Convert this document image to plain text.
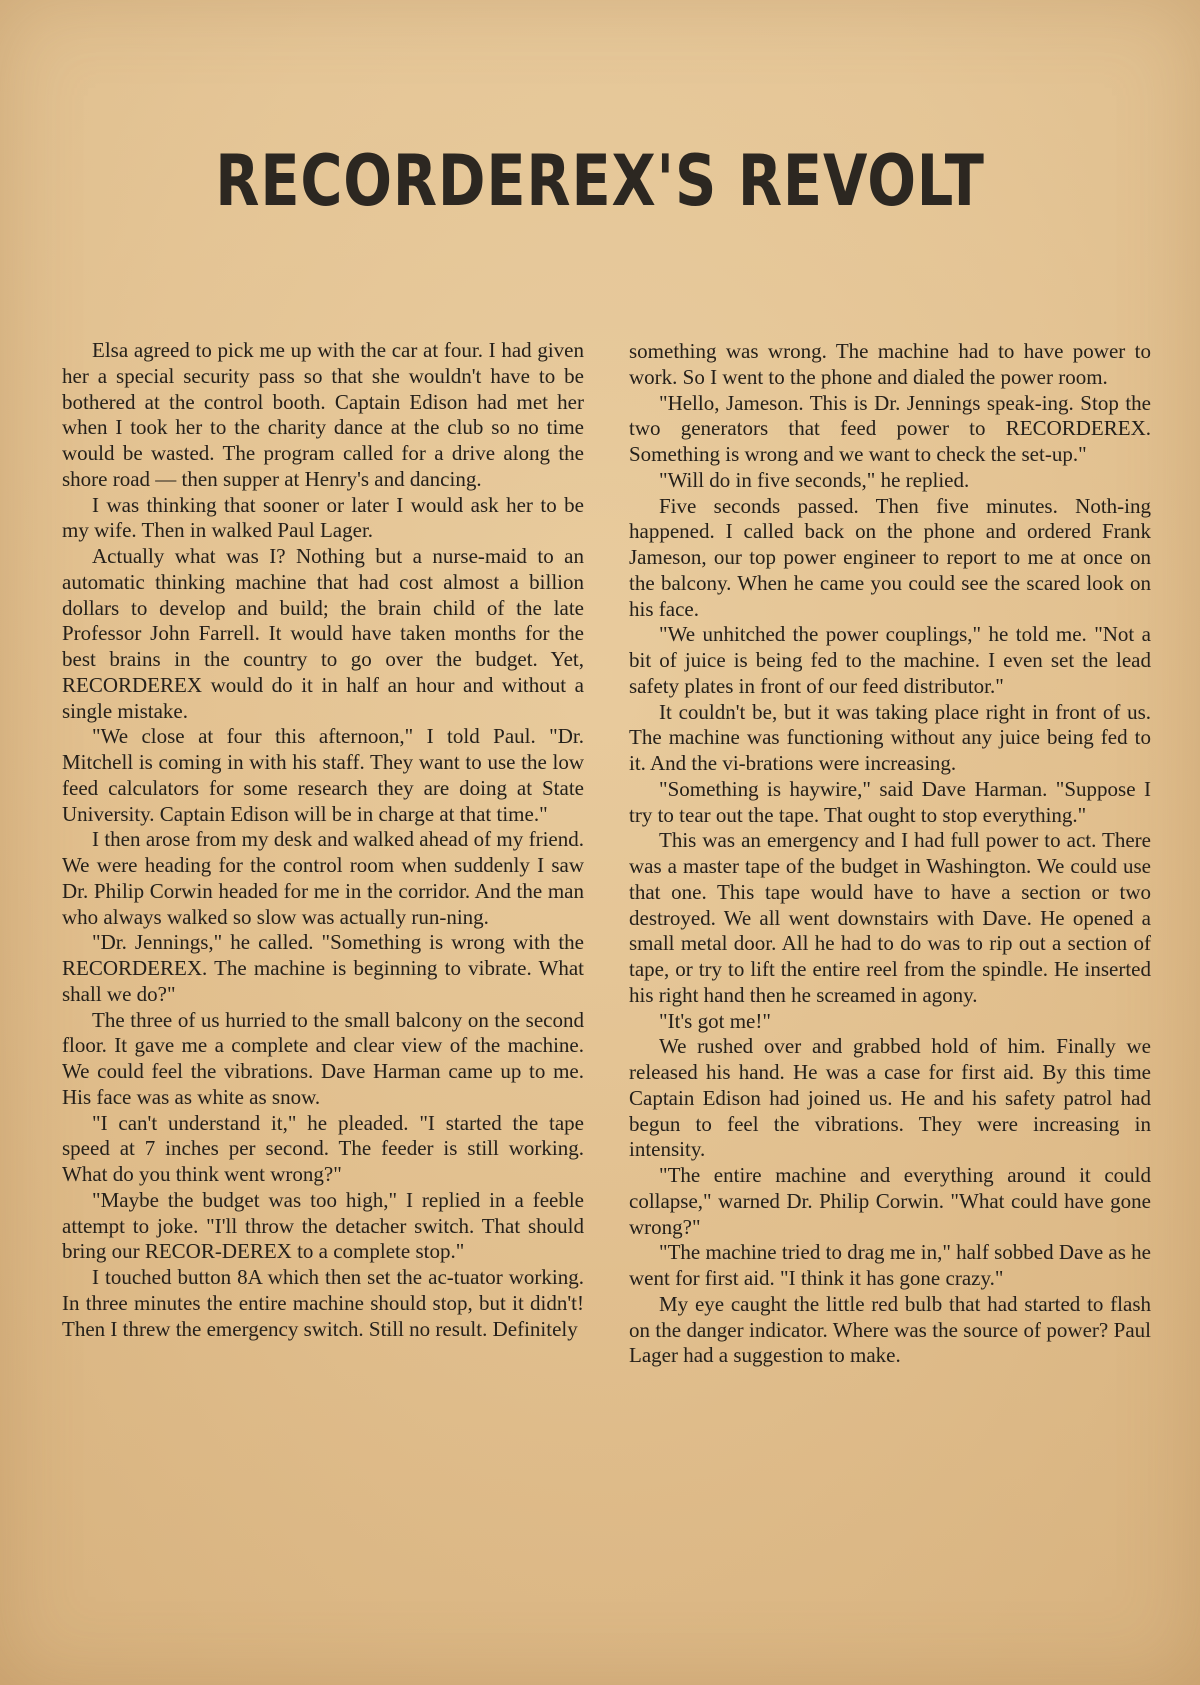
RECORDEREX'S REVOLT

Elsa agreed to pick me up with the car at four. I had given her a special security pass so that she wouldn't have to be bothered at the control booth. Captain Edison had met her when I took her to the charity dance at the club so no time would be wasted. The program called for a drive along the shore road — then supper at Henry's and dancing.

I was thinking that sooner or later I would ask her to be my wife. Then in walked Paul Lager.

Actually what was I? Nothing but a nurse-maid to an automatic thinking machine that had cost almost a billion dollars to develop and build; the brain child of the late Professor John Farrell. It would have taken months for the best brains in the country to go over the budget. Yet, RECORDEREX would do it in half an hour and without a single mistake.

"We close at four this afternoon," I told Paul. "Dr. Mitchell is coming in with his staff. They want to use the low feed calculators for some research they are doing at State University. Captain Edison will be in charge at that time."

I then arose from my desk and walked ahead of my friend. We were heading for the control room when suddenly I saw Dr. Philip Corwin headed for me in the corridor. And the man who always walked so slow was actually run-ning.

"Dr. Jennings," he called. "Something is wrong with the RECORDEREX. The machine is beginning to vibrate. What shall we do?"

The three of us hurried to the small balcony on the second floor. It gave me a complete and clear view of the machine. We could feel the vibrations. Dave Harman came up to me. His face was as white as snow.

"I can't understand it," he pleaded. "I started the tape speed at 7 inches per second. The feeder is still working. What do you think went wrong?"

"Maybe the budget was too high," I replied in a feeble attempt to joke. "I'll throw the detacher switch. That should bring our RECOR-DEREX to a complete stop."

I touched button 8A which then set the ac-tuator working. In three minutes the entire machine should stop, but it didn't! Then I threw the emergency switch. Still no result. Definitely

something was wrong. The machine had to have power to work. So I went to the phone and dialed the power room.

"Hello, Jameson. This is Dr. Jennings speak-ing. Stop the two generators that feed power to RECORDEREX. Something is wrong and we want to check the set-up."

"Will do in five seconds," he replied.

Five seconds passed. Then five minutes. Noth-ing happened. I called back on the phone and ordered Frank Jameson, our top power engineer to report to me at once on the balcony. When he came you could see the scared look on his face.

"We unhitched the power couplings," he told me. "Not a bit of juice is being fed to the machine. I even set the lead safety plates in front of our feed distributor."

It couldn't be, but it was taking place right in front of us. The machine was functioning without any juice being fed to it. And the vi-brations were increasing.

"Something is haywire," said Dave Harman. "Suppose I try to tear out the tape. That ought to stop everything."

This was an emergency and I had full power to act. There was a master tape of the budget in Washington. We could use that one. This tape would have to have a section or two destroyed. We all went downstairs with Dave. He opened a small metal door. All he had to do was to rip out a section of tape, or try to lift the entire reel from the spindle. He inserted his right hand then he screamed in agony.

"It's got me!"

We rushed over and grabbed hold of him. Finally we released his hand. He was a case for first aid. By this time Captain Edison had joined us. He and his safety patrol had begun to feel the vibrations. They were increasing in intensity.

"The entire machine and everything around it could collapse," warned Dr. Philip Corwin. "What could have gone wrong?"

"The machine tried to drag me in," half sobbed Dave as he went for first aid. "I think it has gone crazy."

My eye caught the little red bulb that had started to flash on the danger indicator. Where was the source of power? Paul Lager had a suggestion to make.
